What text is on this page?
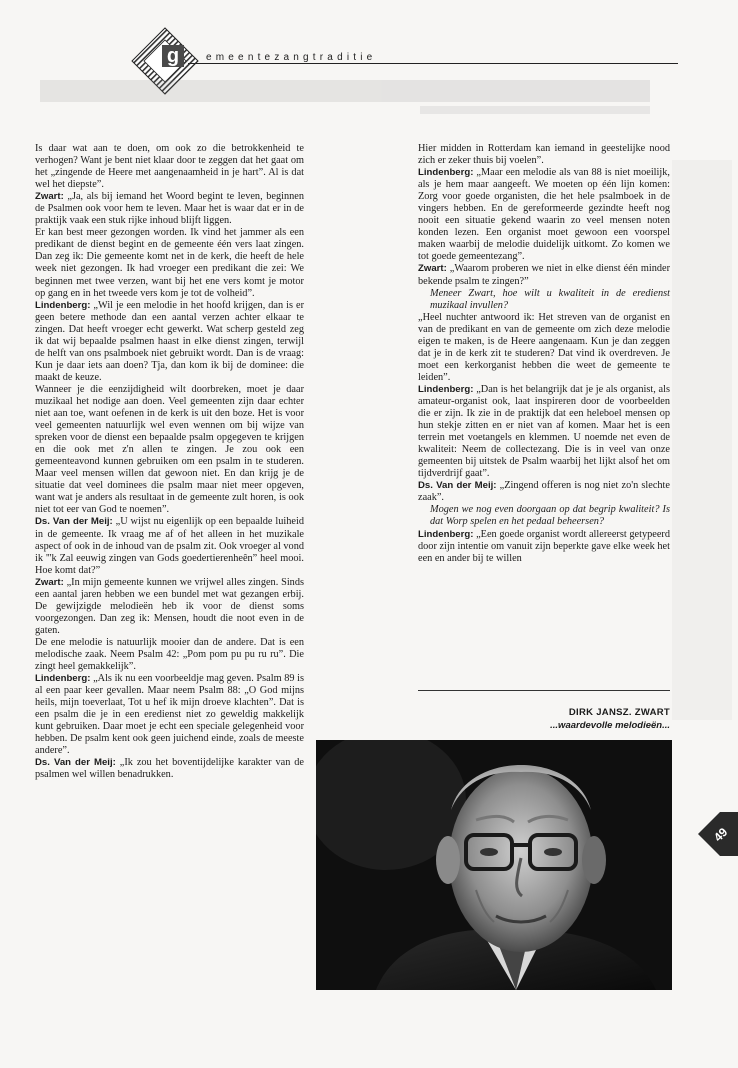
g	emeentezangtraditie

Is daar wat aan te doen, om ook zo die betrokkenheid te verhogen? Want je bent niet klaar door te zeggen dat het gaat om het „zingende de Heere met aangenaamheid in je hart”. Al is dat wel het diepste”.

Zwart: „Ja, als bij iemand het Woord begint te leven, beginnen de Psalmen ook voor hem te leven. Maar het is waar dat er in de praktijk vaak een stuk rijke inhoud blijft liggen.

Er kan best meer gezongen worden. Ik vind het jammer als een predikant de dienst begint en de gemeente één vers laat zingen. Dan zeg ik: Die gemeente komt net in de kerk, die heeft de hele week niet gezongen. Ik had vroeger een predikant die zei: We beginnen met twee verzen, want bij het ene vers komt je motor op gang en in het tweede vers kom je tot de volheid”.

Lindenberg: „Wil je een melodie in het hoofd krijgen, dan is er geen betere methode dan een aantal verzen achter elkaar te zingen. Dat heeft vroeger echt gewerkt. Wat scherp gesteld zeg ik dat wij bepaalde psalmen haast in elke dienst zingen, terwijl de helft van ons psalmboek niet gebruikt wordt. Dan is de vraag: Kun je daar iets aan doen? Tja, dan kom ik bij de dominee: die maakt de keuze.

Wanneer je die eenzijdigheid wilt doorbreken, moet je daar muzikaal het nodige aan doen. Veel gemeenten zijn daar echter niet aan toe, want oefenen in de kerk is uit den boze. Het is voor veel gemeenten natuurlijk wel even wennen om bij wijze van spreken voor de dienst een bepaalde psalm opgegeven te krijgen en die ook met z'n allen te zingen. Je zou ook een gemeenteavond kunnen gebruiken om een psalm in te studeren. Maar veel mensen willen dat gewoon niet. En dan krijg je de situatie dat veel dominees die psalm maar niet meer opgeven, want wat je anders als resultaat in de gemeente zult horen, is ook niet tot eer van God te noemen”.

Ds. Van der Meij: „U wijst nu eigenlijk op een bepaalde luiheid in de gemeente. Ik vraag me af of het alleen in het muzikale aspect of ook in de inhoud van de psalm zit. Ook vroeger al vond ik '''k Zal eeuwig zingen van Gods goedertierenheên” heel mooi. Hoe komt dat?”

Zwart: „In mijn gemeente kunnen we vrijwel alles zingen. Sinds een aantal jaren hebben we een bundel met wat gezangen erbij. De gewijzigde melodieën heb ik voor de dienst soms voorgezongen. Dan zeg ik: Mensen, houdt die noot even in de gaten.

De ene melodie is natuurlijk mooier dan de andere. Dat is een melodische zaak. Neem Psalm 42: „Pom pom pu pu ru ru”. Die zingt heel gemakkelijk”.

Lindenberg: „Als ik nu een voorbeeldje mag geven. Psalm 89 is al een paar keer gevallen. Maar neem Psalm 88: „O God mijns heils, mijn toeverlaat, Tot u hef ik mijn droeve klachten”. Dat is een psalm die je in een eredienst niet zo geweldig makkelijk kunt gebruiken. Daar moet je echt een speciale gelegenheid voor hebben. De psalm kent ook geen juichend einde, zoals de meeste andere”.

Ds. Van der Meij: „Ik zou het boventijdelijke karakter van de psalmen wel willen benadrukken.

Hier midden in Rotterdam kan iemand in geestelijke nood zich er zeker thuis bij voelen”.

Lindenberg: „Maar een melodie als van 88 is niet moeilijk, als je hem maar aangeeft. We moeten op één lijn komen: Zorg voor goede organisten, die het hele psalmboek in de vingers hebben. En de gereformeerde gezindte heeft nog nooit een situatie gekend waarin zo veel mensen noten konden lezen. Een organist moet gewoon een voorspel maken waarbij de melodie duidelijk uitkomt. Zo komen we tot goede gemeentezang”.

Zwart: „Waarom proberen we niet in elke dienst één minder bekende psalm te zingen?”

Meneer Zwart, hoe wilt u kwaliteit in de eredienst muzikaal invullen?

„Heel nuchter antwoord ik: Het streven van de organist en van de predikant en van de gemeente om zich deze melodie eigen te maken, is de Heere aangenaam. Kun je dan zeggen dat je in de kerk zit te studeren? Dat vind ik overdreven. Je moet een kerkorganist hebben die weet de gemeente te leiden”.

Lindenberg: „Dan is het belangrijk dat je je als organist, als amateur-organist ook, laat inspireren door de voorbeelden die er zijn. Ik zie in de praktijk dat een heleboel mensen op hun stekje zitten en er niet van af komen. Maar het is een terrein met voetangels en klemmen. U noemde net even de kwaliteit: Neem de collectezang. Die is in veel van onze gemeenten bij uitstek de Psalm waarbij het lijkt alsof het om tijdverdrijf gaat”.

Ds. Van der Meij: „Zingend offeren is nog niet zo'n slechte zaak”.

Mogen we nog even doorgaan op dat begrip kwaliteit? Is dat Worp spelen en het pedaal beheersen?

Lindenberg: „Een goede organist wordt allereerst getypeerd door zijn intentie om vanuit zijn beperkte gave elke week het een en ander bij te willen

DIRK JANSZ. ZWART
...waardevolle melodieën...
49
